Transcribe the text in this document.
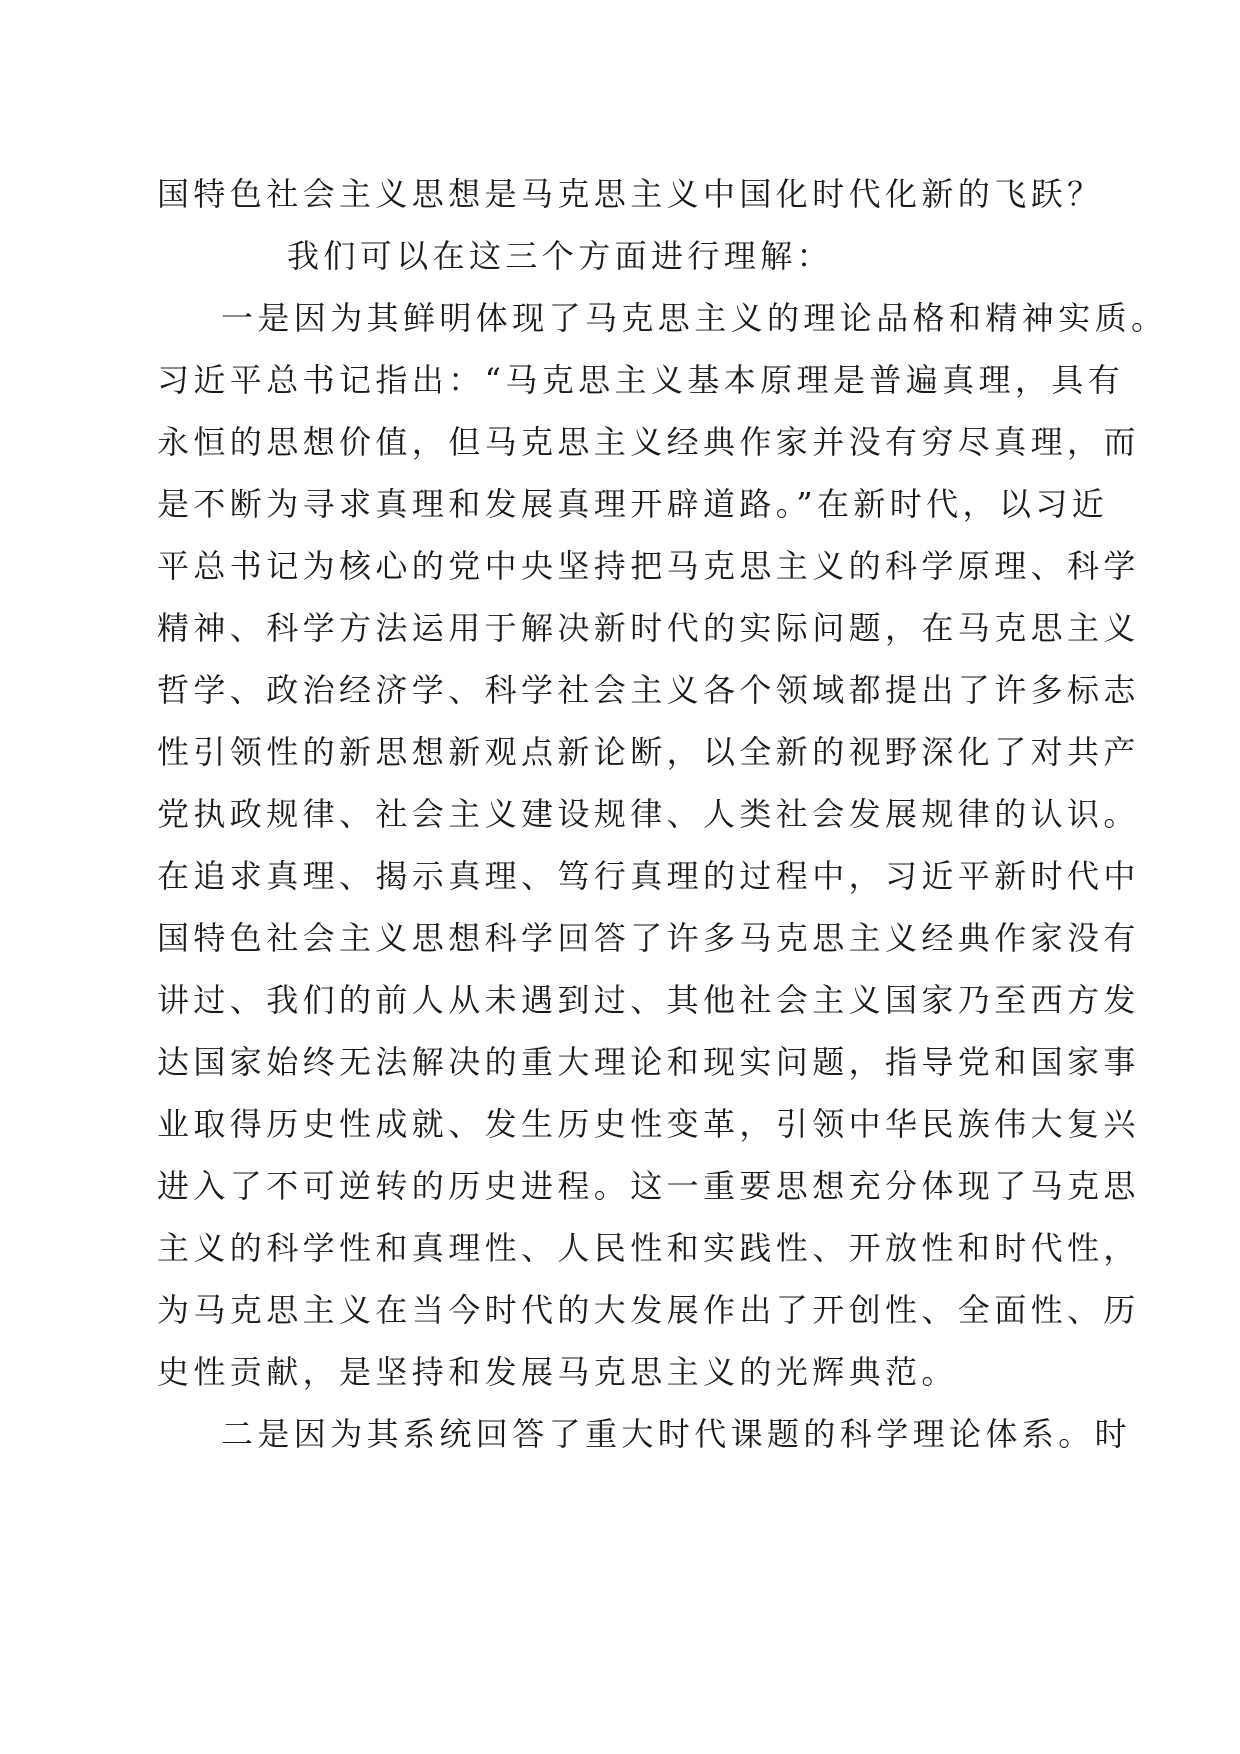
国特色社会主义思想是马克思主义中国化时代化新的飞跃？
我们可以在这三个方面进行理解：
一是因为其鲜明体现了马克思主义的理论品格和精神实质。
习近平总书记指出：“马克思主义基本原理是普遍真理，具有
永恒的思想价值，但马克思主义经典作家并没有穷尽真理，而
是不断为寻求真理和发展真理开辟道路。”在新时代，以习近
平总书记为核心的党中央坚持把马克思主义的科学原理、科学
精神、科学方法运用于解决新时代的实际问题，在马克思主义
哲学、政治经济学、科学社会主义各个领域都提出了许多标志
性引领性的新思想新观点新论断，以全新的视野深化了对共产
党执政规律、社会主义建设规律、人类社会发展规律的认识。
在追求真理、揭示真理、笃行真理的过程中，习近平新时代中
国特色社会主义思想科学回答了许多马克思主义经典作家没有
讲过、我们的前人从未遇到过、其他社会主义国家乃至西方发
达国家始终无法解决的重大理论和现实问题，指导党和国家事
业取得历史性成就、发生历史性变革，引领中华民族伟大复兴
进入了不可逆转的历史进程。这一重要思想充分体现了马克思
主义的科学性和真理性、人民性和实践性、开放性和时代性，
为马克思主义在当今时代的大发展作出了开创性、全面性、历
史性贡献，是坚持和发展马克思主义的光辉典范。
二是因为其系统回答了重大时代课题的科学理论体系。时
